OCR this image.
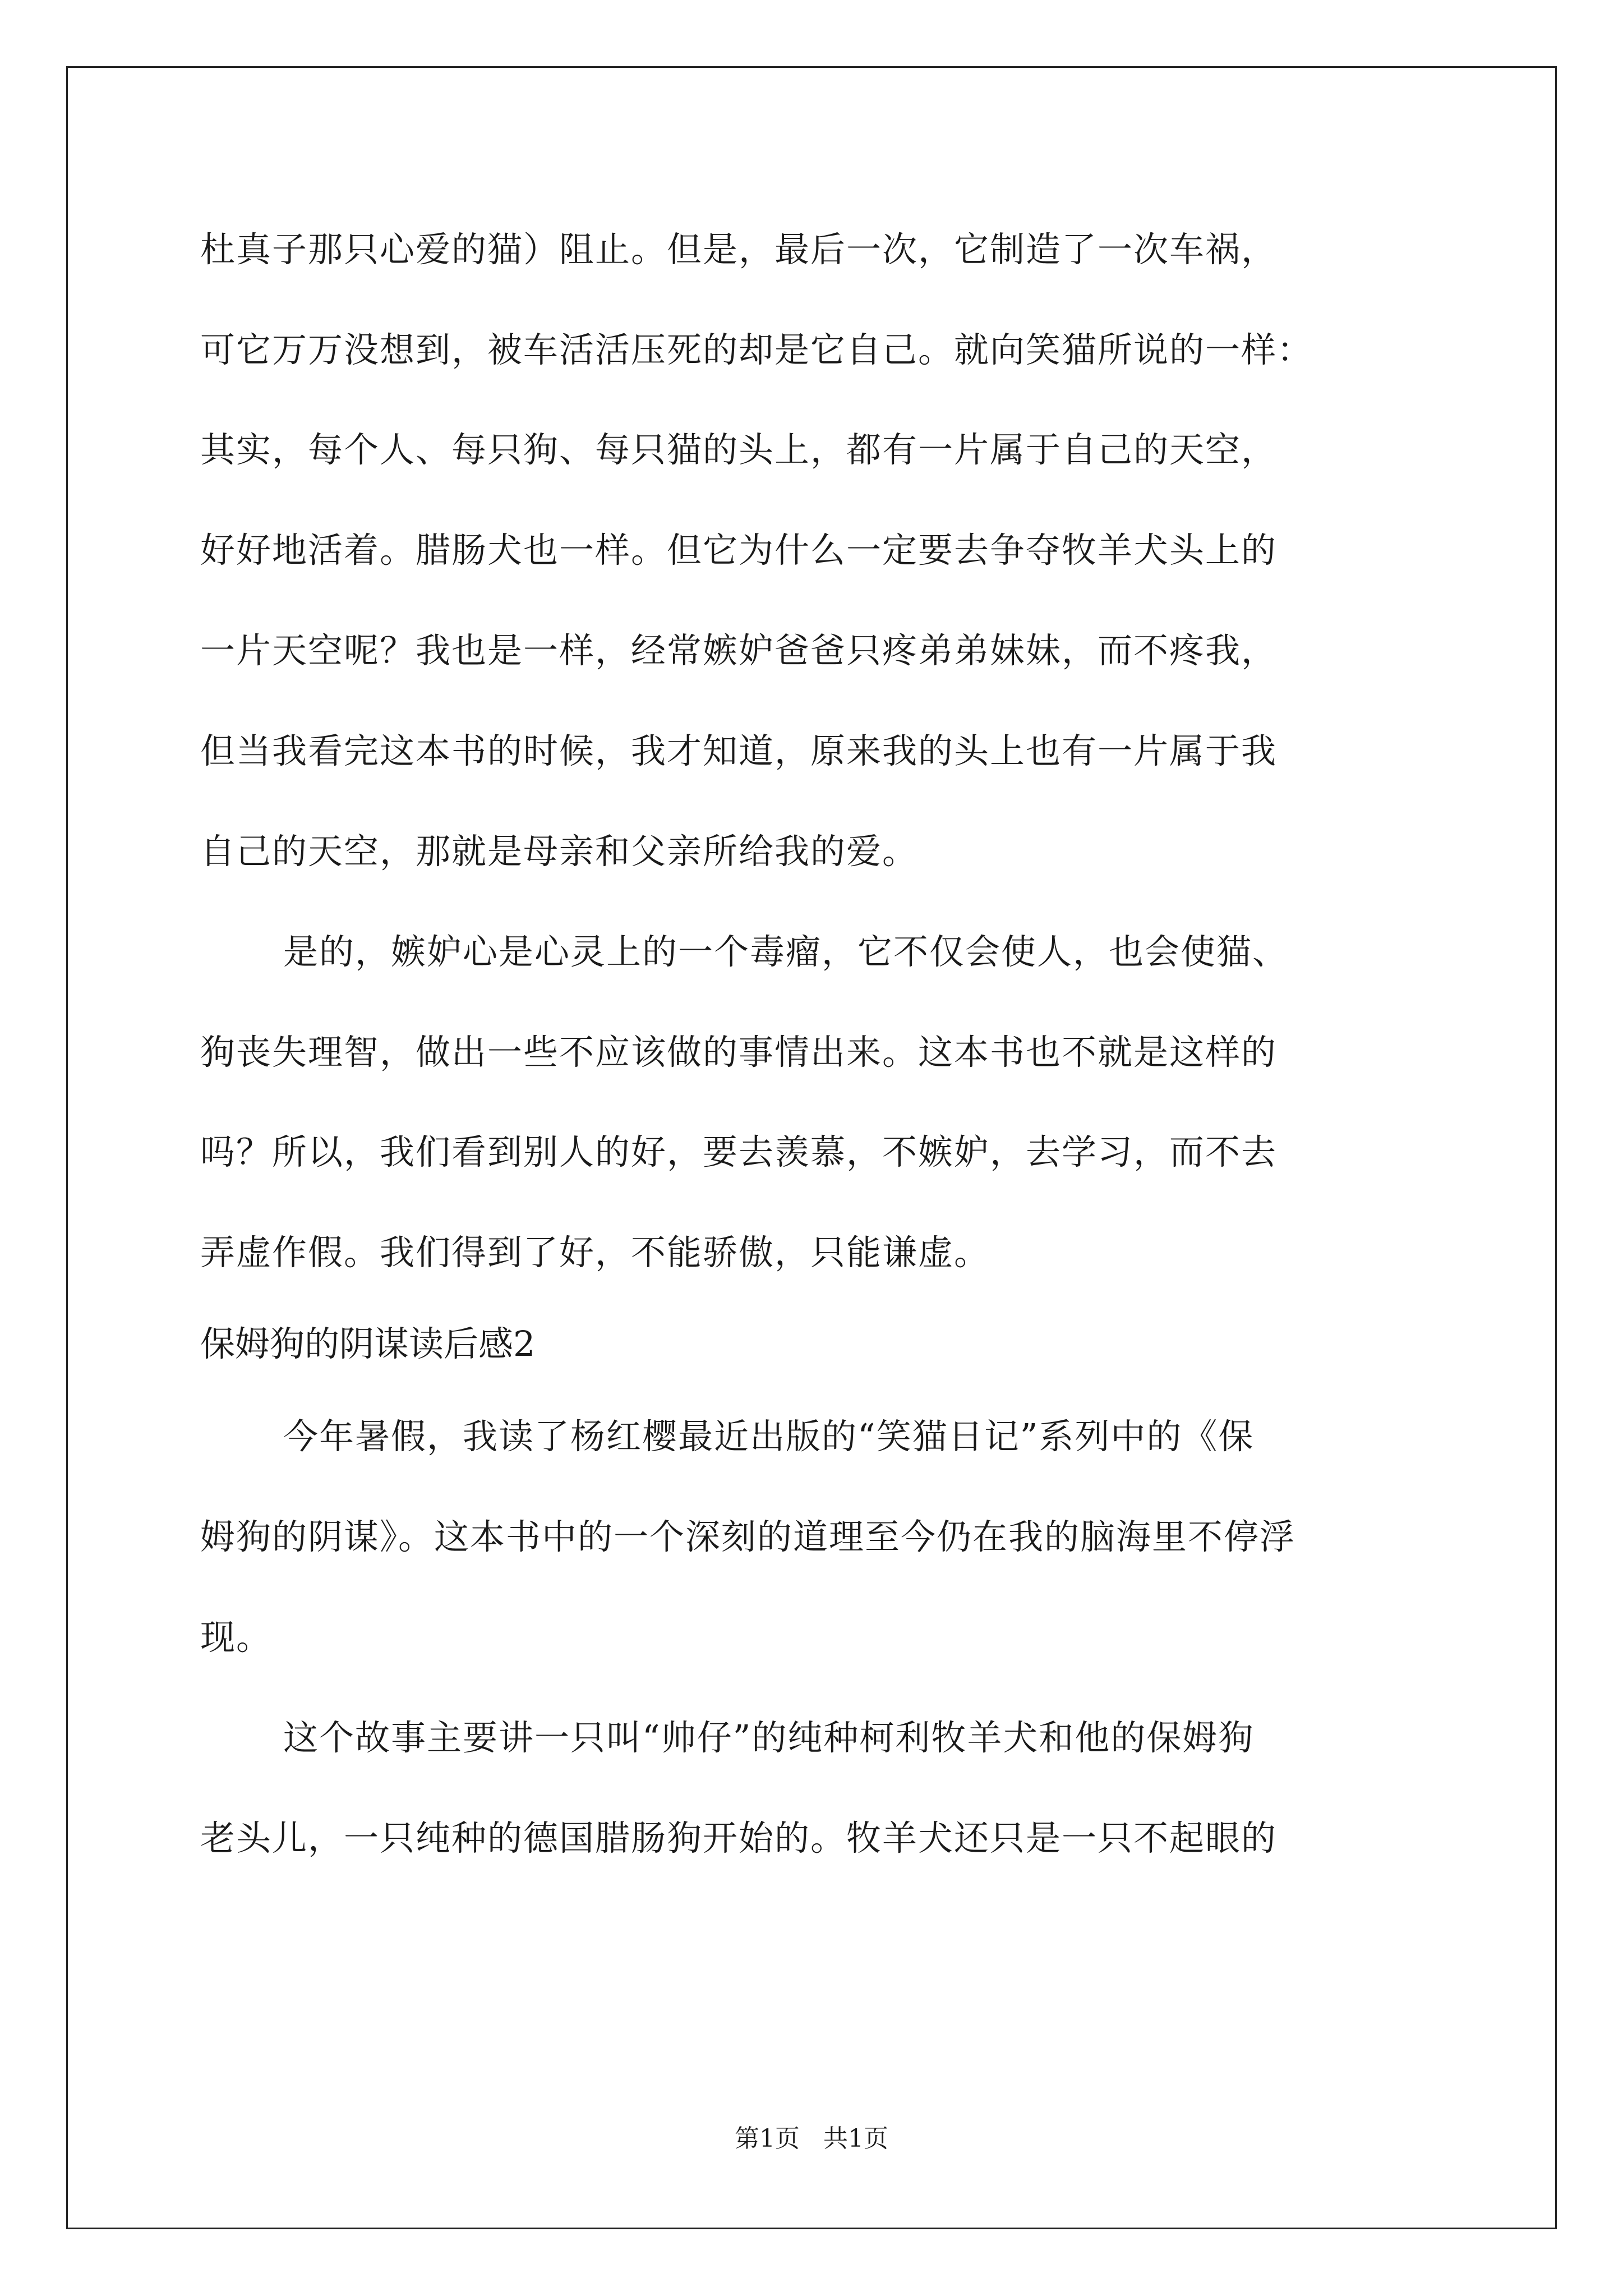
杜真子那只心爱的猫）阻止。但是，最后一次，它制造了一次车祸，
可它万万没想到，被车活活压死的却是它自己。就向笑猫所说的一样：
其实，每个人、每只狗、每只猫的头上，都有一片属于自己的天空，
好好地活着。腊肠犬也一样。但它为什么一定要去争夺牧羊犬头上的
一片天空呢？我也是一样，经常嫉妒爸爸只疼弟弟妹妹，而不疼我，
但当我看完这本书的时候，我才知道，原来我的头上也有一片属于我
自己的天空，那就是母亲和父亲所给我的爱。
是的，嫉妒心是心灵上的一个毒瘤，它不仅会使人，也会使猫、
狗丧失理智，做出一些不应该做的事情出来。这本书也不就是这样的
吗？所以，我们看到别人的好，要去羡慕，不嫉妒，去学习，而不去
弄虚作假。我们得到了好，不能骄傲，只能谦虚。
保姆狗的阴谋读后感2
今年暑假，我读了杨红樱最近出版的“笑猫日记”系列中的《保
姆狗的阴谋》。这本书中的一个深刻的道理至今仍在我的脑海里不停浮
现。
这个故事主要讲一只叫“帅仔”的纯种柯利牧羊犬和他的保姆狗
老头儿，一只纯种的德国腊肠狗开始的。牧羊犬还只是一只不起眼的
第1页   共1页
